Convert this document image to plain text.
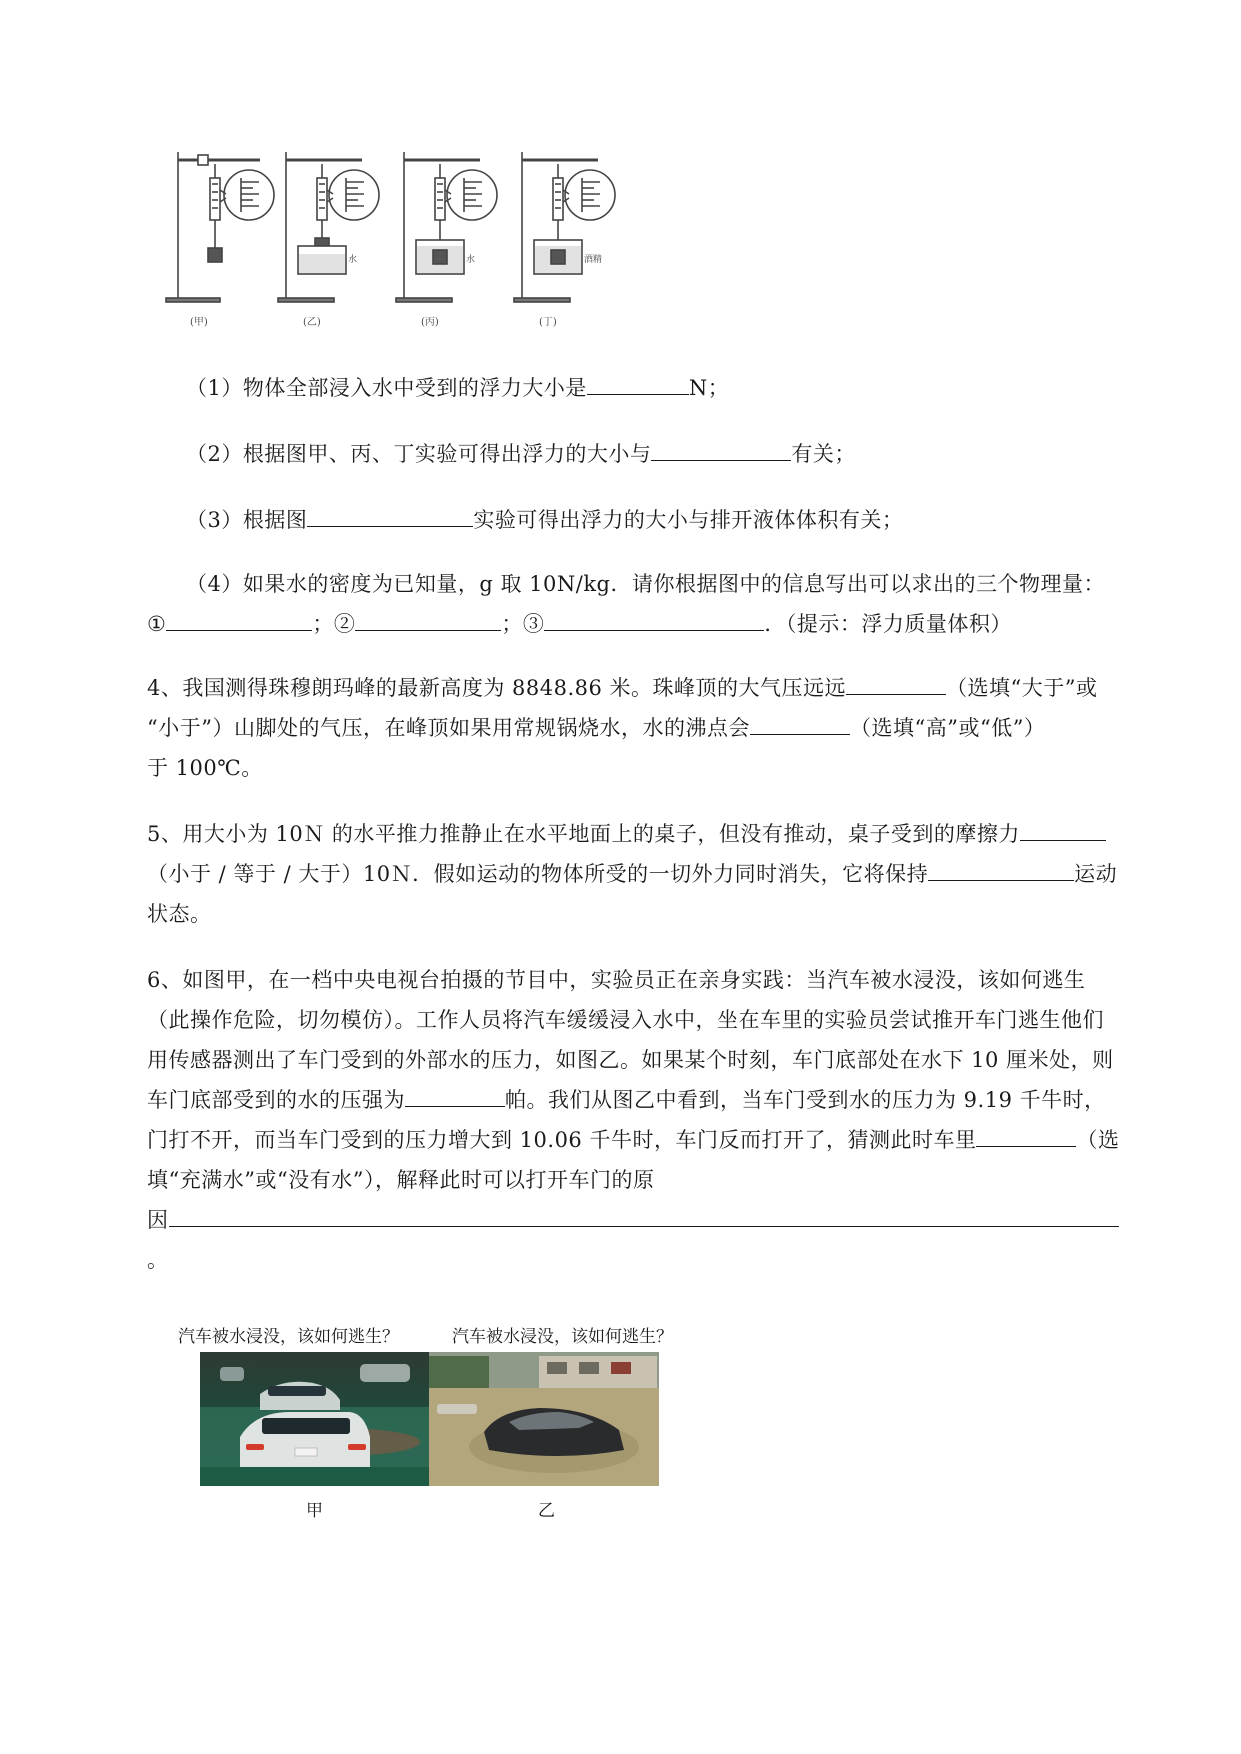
(甲)
水
(乙)
水
(丙)
酒精
(丁)
（1）物体全部浸入水中受到的浮力大小是	N；
（2）根据图甲、丙、丁实验可得出浮力的大小与	有关；
（3）根据图	实验可得出浮力的大小与排开液体体积有关；
（4）如果水的密度为已知量，g 取 10N/kg．请你根据图中的信息写出可以求出的三个物理量：
①	；②	；③	．（提示：浮力质量体积）
4、我国测得珠穆朗玛峰的最新高度为 8848.86 米。珠峰顶的大气压远远	（选填“大于”或
“小于”）山脚处的气压，在峰顶如果用常规锅烧水，水的沸点会	（选填“高”或“低”）
于 100℃。
5、用大小为 10Ｎ 的水平推力推静止在水平地面上的桌子，但没有推动，桌子受到的摩擦力
（小于 / 等于 / 大于）10Ｎ．假如运动的物体所受的一切外力同时消失，它将保持	运动
状态。
6、如图甲，在一档中央电视台拍摄的节目中，实验员正在亲身实践：当汽车被水浸没，该如何逃生
（此操作危险，切勿模仿）。工作人员将汽车缓缓浸入水中，坐在车里的实验员尝试推开车门逃生他们
用传感器测出了车门受到的外部水的压力，如图乙。如果某个时刻，车门底部处在水下 10 厘米处，则
车门底部受到的水的压强为	帕。我们从图乙中看到，当车门受到水的压力为 9.19 千牛时，
门打不开，而当车门受到的压力增大到 10.06 千牛时，车门反而打开了，猜测此时车里	（选
填“充满水”或“没有水”），解释此时可以打开车门的原
因
。
汽车被水浸没，该如何逃生？	汽车被水浸没，该如何逃生？
甲	乙
